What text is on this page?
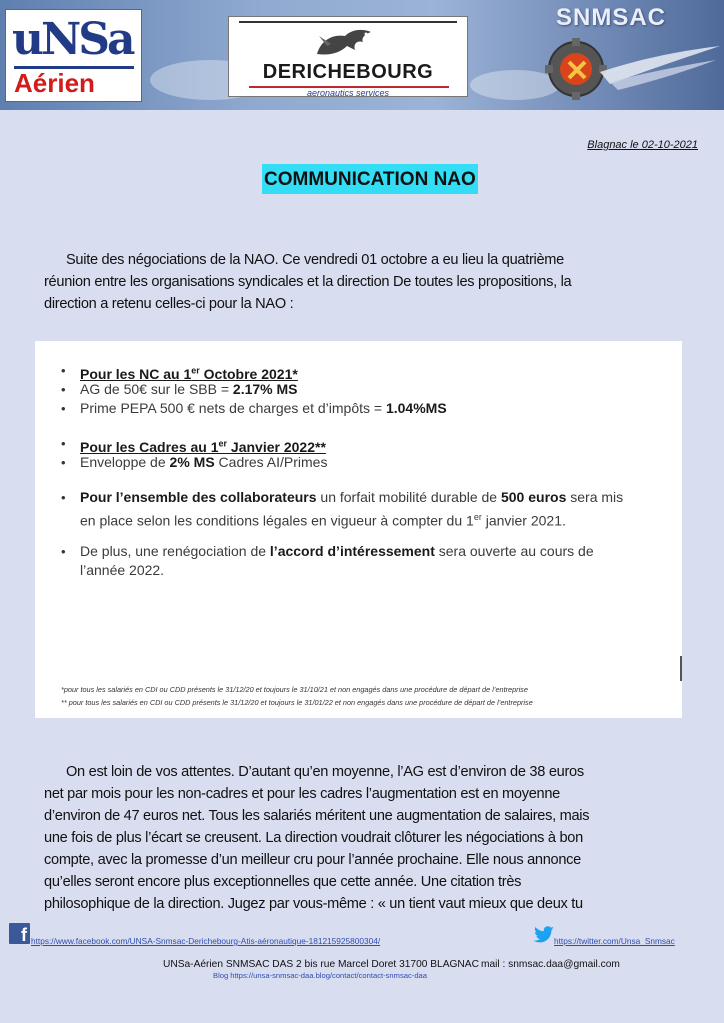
uNSa
Aérien	DERICHEBOURG
aeronautics services
SNMSAC
Blagnac le 02-10-2021
COMMUNICATION NAO
Suite des négociations de la NAO. Ce vendredi 01 octobre a eu lieu la quatrième
réunion entre les organisations syndicales et la direction De toutes les propositions, la
direction a retenu celles-ci pour la NAO :
• Pour les NC au 1er Octobre 2021*
• AG de 50€ sur le SBB = 2.17% MS
• Prime PEPA 500 € nets de charges et d’impôts = 1.04%MS
• Pour les Cadres au 1er Janvier 2022**
• Enveloppe de 2% MS Cadres AI/Primes
• Pour l’ensemble des collaborateurs un forfait mobilité durable de 500 euros sera mis
en place selon les conditions légales en vigueur à compter du 1er janvier 2021.
• De plus, une renégociation de l’accord d’intéressement sera ouverte au cours de
l’année 2022.
*pour tous les salariés en CDI ou CDD présents le 31/12/20 et toujours le 31/10/21 et non engagés dans une procédure de départ de l’entreprise
** pour tous les salariés en CDI ou CDD présents le 31/12/20 et toujours le 31/01/22 et non engagés dans une procédure de départ de l’entreprise
On est loin de vos attentes. D’autant qu’en moyenne, l’AG est d’environ de 38 euros
net par mois pour les non-cadres et pour les cadres l’augmentation est en moyenne
d’environ de 47 euros net. Tous les salariés méritent une augmentation de salaires, mais
une fois de plus l’écart se creusent. La direction voudrait clôturer les négociations à bon
compte, avec la promesse d’un meilleur cru pour l’année prochaine. Elle nous annonce
qu’elles seront encore plus exceptionnelles que cette année. Une citation très
philosophique de la direction. Jugez par vous-même : « un tient vaut mieux que deux tu
f https://www.facebook.com/UNSA-Snmsac-Derichebourg-Atis-aéronautique-181215925800304/	https://twitter.com/Unsa_Snmsac
UNSa-Aérien SNMSAC DAS 2 bis rue Marcel Doret 31700 BLAGNAC mail : snmsac.daa@gmail.com
Blog https://unsa-snmsac-daa.blog/contact/contact-snmsac-daa
